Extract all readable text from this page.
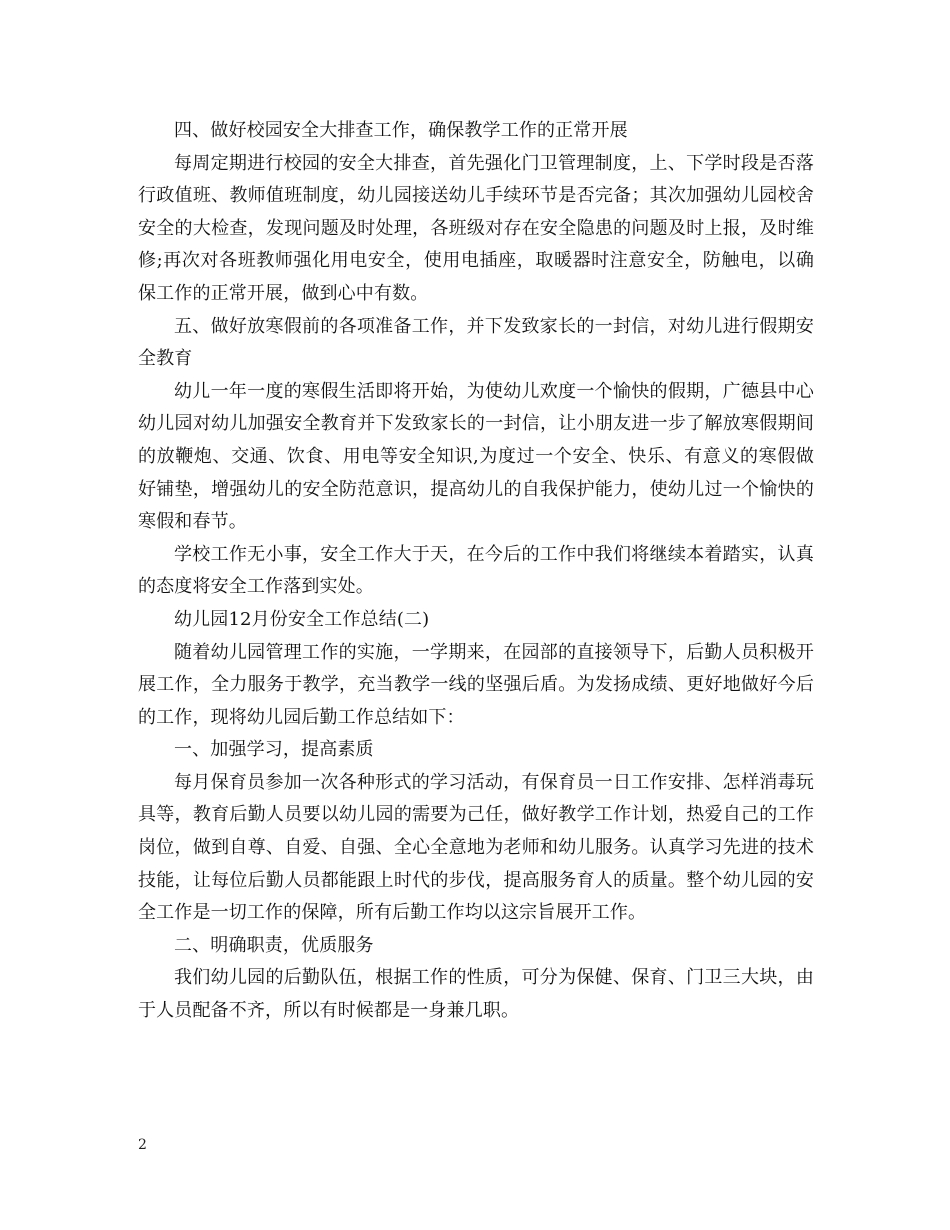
四、做好校园安全大排查工作，确保教学工作的正常开展

每周定期进行校园的安全大排查，首先强化门卫管理制度，上、下学时段是否落行政值班、教师值班制度，幼儿园接送幼儿手续环节是否完备；其次加强幼儿园校舍安全的大检查，发现问题及时处理，各班级对存在安全隐患的问题及时上报，及时维修;再次对各班教师强化用电安全，使用电插座，取暖器时注意安全，防触电，以确保工作的正常开展，做到心中有数。

五、做好放寒假前的各项准备工作，并下发致家长的一封信，对幼儿进行假期安全教育

幼儿一年一度的寒假生活即将开始，为使幼儿欢度一个愉快的假期，广德县中心幼儿园对幼儿加强安全教育并下发致家长的一封信，让小朋友进一步了解放寒假期间的放鞭炮、交通、饮食、用电等安全知识,为度过一个安全、快乐、有意义的寒假做好铺垫，增强幼儿的安全防范意识，提高幼儿的自我保护能力，使幼儿过一个愉快的寒假和春节。

学校工作无小事，安全工作大于天，在今后的工作中我们将继续本着踏实，认真的态度将安全工作落到实处。

幼儿园12月份安全工作总结(二)

随着幼儿园管理工作的实施，一学期来，在园部的直接领导下，后勤人员积极开展工作，全力服务于教学，充当教学一线的坚强后盾。为发扬成绩、更好地做好今后的工作，现将幼儿园后勤工作总结如下：

一、加强学习，提高素质

每月保育员参加一次各种形式的学习活动，有保育员一日工作安排、怎样消毒玩具等，教育后勤人员要以幼儿园的需要为己任，做好教学工作计划，热爱自己的工作岗位，做到自尊、自爱、自强、全心全意地为老师和幼儿服务。认真学习先进的技术技能，让每位后勤人员都能跟上时代的步伐，提高服务育人的质量。整个幼儿园的安全工作是一切工作的保障，所有后勤工作均以这宗旨展开工作。

二、明确职责，优质服务

我们幼儿园的后勤队伍，根据工作的性质，可分为保健、保育、门卫三大块，由于人员配备不齐，所以有时候都是一身兼几职。

2
